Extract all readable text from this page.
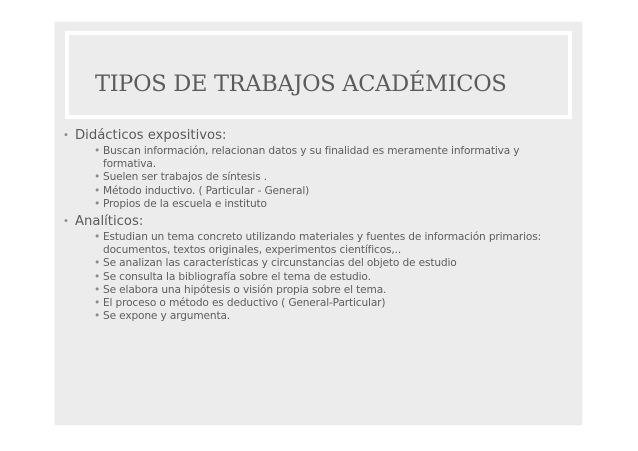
TIPOS DE TRABAJOS ACADÉMICOS
• Didácticos expositivos:
• Buscan información, relacionan datos y su finalidad es meramente informativa y formativa.
• Suelen ser trabajos de síntesis .
• Método inductivo. ( Particular - General)
• Propios de la escuela e instituto
• Analíticos:
• Estudian un tema concreto utilizando materiales y fuentes de información primarios: documentos, textos originales, experimentos científicos,..
• Se analizan las características y circunstancias del objeto de estudio
• Se consulta la bibliografía sobre el tema de estudio.
• Se elabora una hipótesis o visión propia sobre el tema.
• El proceso o método es deductivo ( General-Particular)
• Se expone y argumenta.
